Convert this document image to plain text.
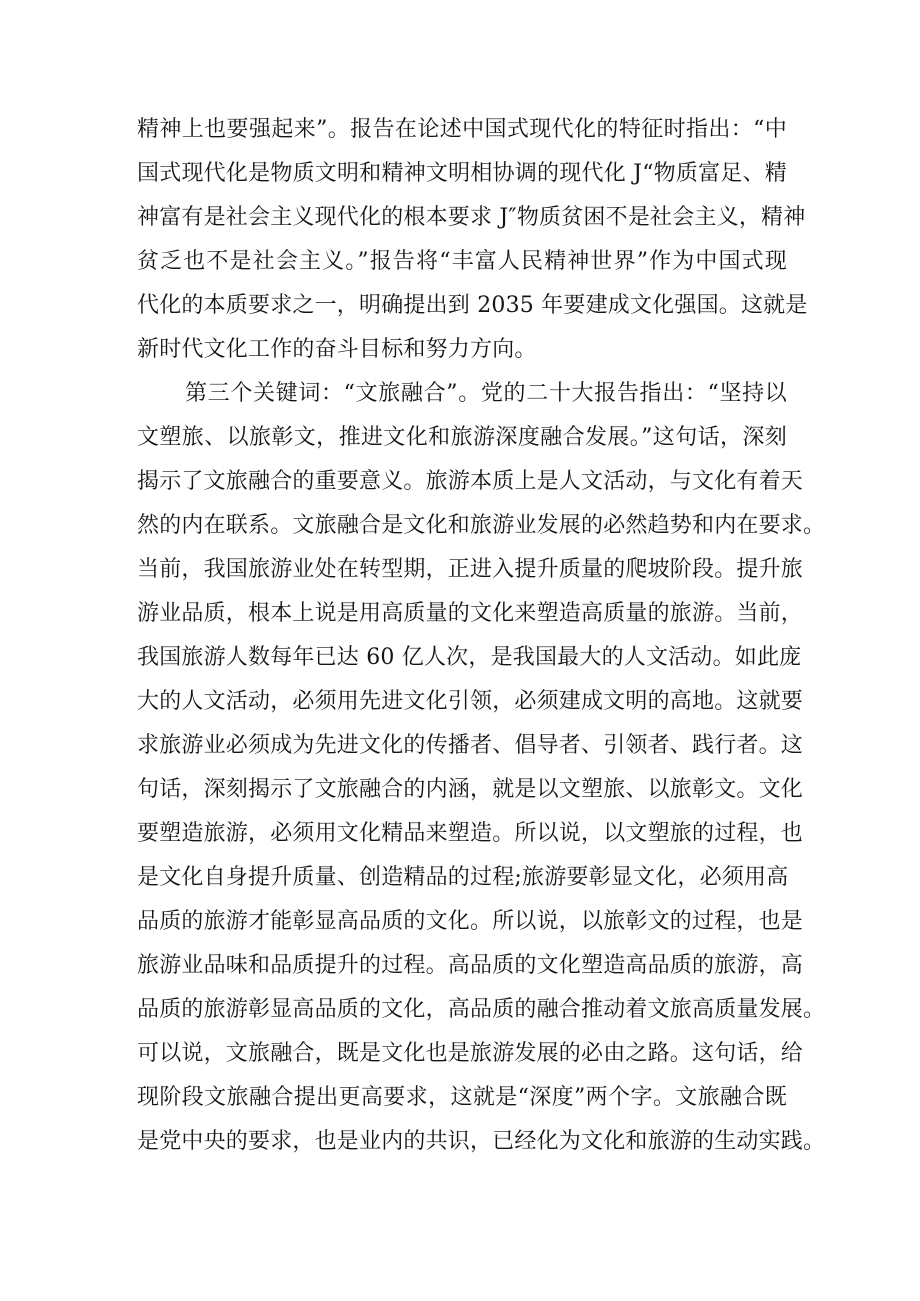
精神上也要强起来”。报告在论述中国式现代化的特征时指出：“中
国式现代化是物质文明和精神文明相协调的现代化 J“物质富足、精
神富有是社会主义现代化的根本要求 J″物质贫困不是社会主义，精神
贫乏也不是社会主义。”报告将“丰富人民精神世界”作为中国式现
代化的本质要求之一，明确提出到 2035 年要建成文化强国。这就是
新时代文化工作的奋斗目标和努力方向。
第三个关键词：“文旅融合”。党的二十大报告指出：“坚持以
文塑旅、以旅彰文，推进文化和旅游深度融合发展。”这句话，深刻
揭示了文旅融合的重要意义。旅游本质上是人文活动，与文化有着天
然的内在联系。文旅融合是文化和旅游业发展的必然趋势和内在要求。
当前，我国旅游业处在转型期，正进入提升质量的爬坡阶段。提升旅
游业品质，根本上说是用高质量的文化来塑造高质量的旅游。当前，
我国旅游人数每年已达 60 亿人次，是我国最大的人文活动。如此庞
大的人文活动，必须用先进文化引领，必须建成文明的高地。这就要
求旅游业必须成为先进文化的传播者、倡导者、引领者、践行者。这
句话，深刻揭示了文旅融合的内涵，就是以文塑旅、以旅彰文。文化
要塑造旅游，必须用文化精品来塑造。所以说，以文塑旅的过程，也
是文化自身提升质量、创造精品的过程;旅游要彰显文化，必须用高
品质的旅游才能彰显高品质的文化。所以说，以旅彰文的过程，也是
旅游业品味和品质提升的过程。高品质的文化塑造高品质的旅游，高
品质的旅游彰显高品质的文化，高品质的融合推动着文旅高质量发展。
可以说，文旅融合，既是文化也是旅游发展的必由之路。这句话，给
现阶段文旅融合提出更高要求，这就是“深度”两个字。文旅融合既
是党中央的要求，也是业内的共识，已经化为文化和旅游的生动实践。
